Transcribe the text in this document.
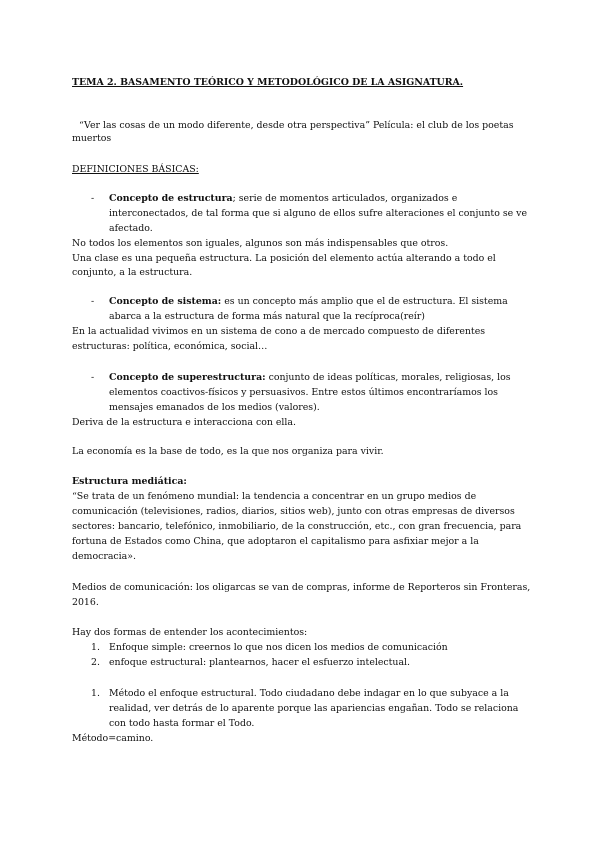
TEMA 2. BASAMENTO TEÓRICO Y METODOLÓGICO DE LA ASIGNATURA.

“Ver las cosas de un modo diferente, desde otra perspectiva” Película: el club de los poetas

muertos

DEFINICIONES BÁSICAS:

- Concepto de estructura; serie de momentos articulados, organizados e

interconectados, de tal forma que si alguno de ellos sufre alteraciones el conjunto se ve

afectado.

No todos los elementos son iguales, algunos son más indispensables que otros.

Una clase es una pequeña estructura. La posición del elemento actúa alterando a todo el

conjunto, a la estructura.

- Concepto de sistema: es un concepto más amplio que el de estructura. El sistema

abarca a la estructura de forma más natural que la recíproca(reír)

En la actualidad vivimos en un sistema de cono a de mercado compuesto de diferentes

estructuras: política, económica, social…

- Concepto de superestructura: conjunto de ideas políticas, morales, religiosas, los

elementos coactivos-físicos y persuasivos. Entre estos últimos encontraríamos los

mensajes emanados de los medios (valores).

Deriva de la estructura e interacciona con ella.

La economía es la base de todo, es la que nos organiza para vivir.

Estructura mediática:

“Se trata de un fenómeno mundial: la tendencia a concentrar en un grupo medios de

comunicación (televisiones, radios, diarios, sitios web), junto con otras empresas de diversos

sectores: bancario, telefónico, inmobiliario, de la construcción, etc., con gran frecuencia, para

fortuna de Estados como China, que adoptaron el capitalismo para asfixiar mejor a la

democracia».

Medios de comunicación: los oligarcas se van de compras, informe de Reporteros sin Fronteras,

2016.

Hay dos formas de entender los acontecimientos:

1. Enfoque simple: creernos lo que nos dicen los medios de comunicación

2. enfoque estructural: plantearnos, hacer el esfuerzo intelectual.

1. Método el enfoque estructural. Todo ciudadano debe indagar en lo que subyace a la

realidad, ver detrás de lo aparente porque las apariencias engañan. Todo se relaciona

con todo hasta formar el Todo.

Método=camino.
